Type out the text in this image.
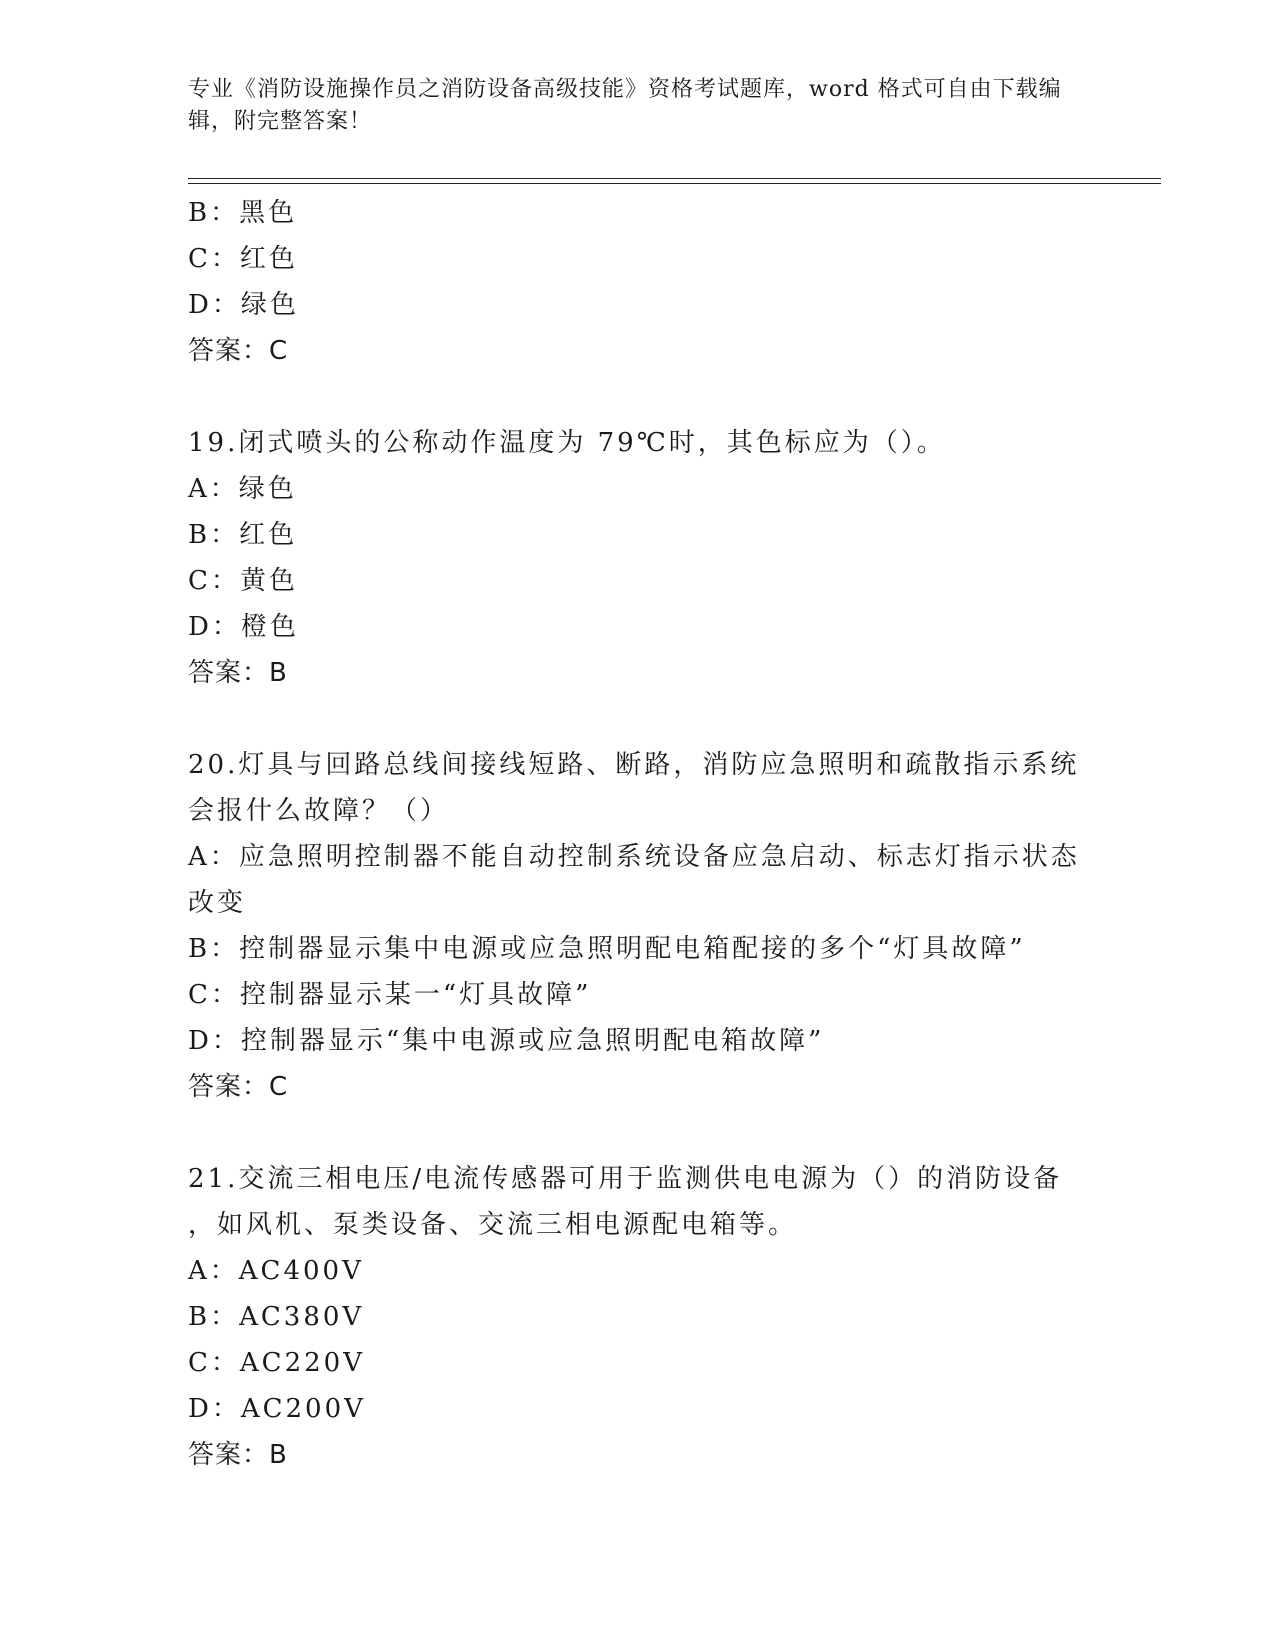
专业《消防设施操作员之消防设备高级技能》资格考试题库，word 格式可自由下载编辑，附完整答案！
B：黑色
C：红色
D：绿色
答案：C
19.闭式喷头的公称动作温度为 79℃时，其色标应为（）。
A：绿色
B：红色
C：黄色
D：橙色
答案：B
20.灯具与回路总线间接线短路、断路，消防应急照明和疏散指示系统
会报什么故障？（）
A：应急照明控制器不能自动控制系统设备应急启动、标志灯指示状态
改变
B：控制器显示集中电源或应急照明配电箱配接的多个“灯具故障”
C：控制器显示某一“灯具故障”
D：控制器显示“集中电源或应急照明配电箱故障”
答案：C
21.交流三相电压/电流传感器可用于监测供电电源为（）的消防设备
，如风机、泵类设备、交流三相电源配电箱等。
A：AC400V
B：AC380V
C：AC220V
D：AC200V
答案：B
